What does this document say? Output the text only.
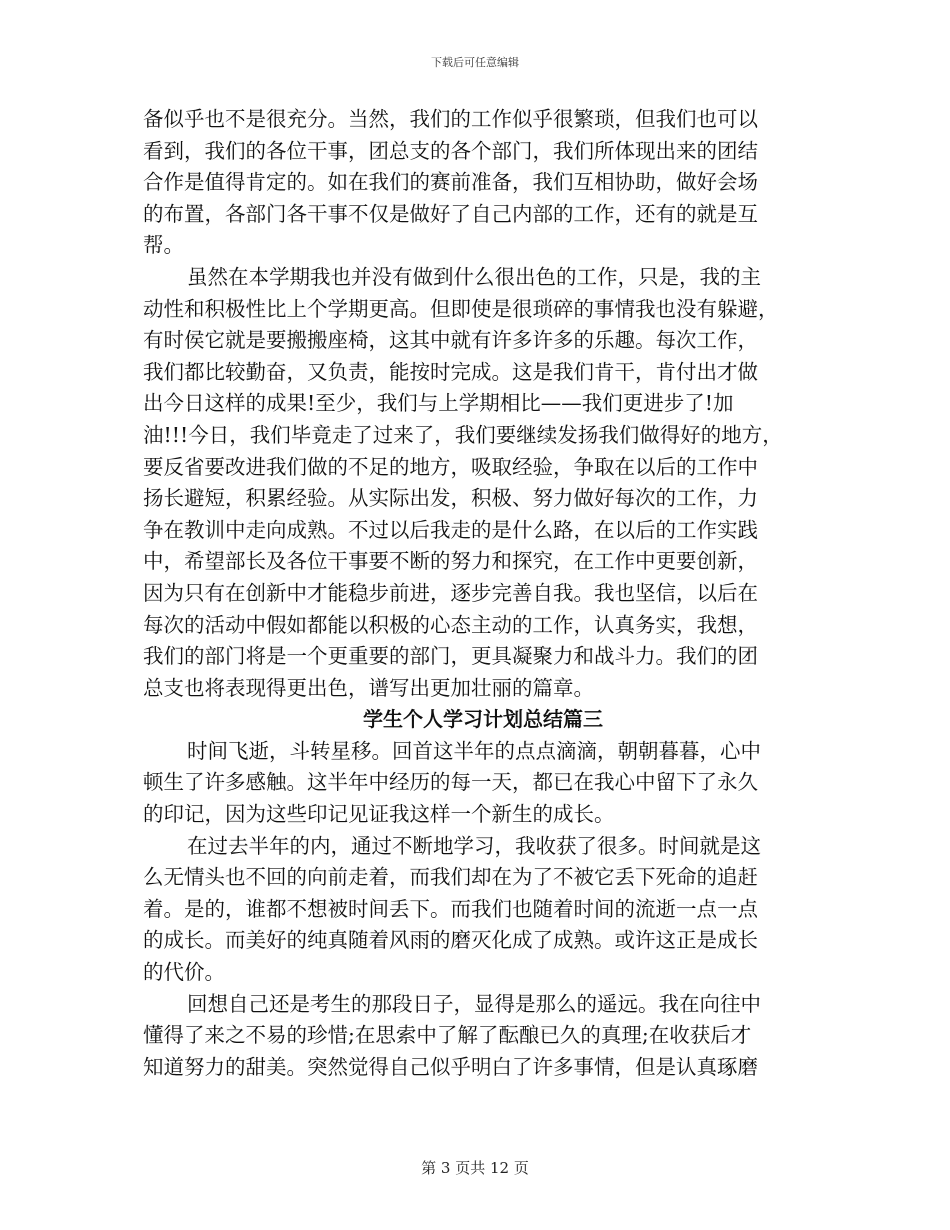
下载后可任意编辑
备似乎也不是很充分。当然，我们的工作似乎很繁琐，但我们也可以
看到，我们的各位干事，团总支的各个部门，我们所体现出来的团结
合作是值得肯定的。如在我们的赛前准备，我们互相协助，做好会场
的布置，各部门各干事不仅是做好了自己内部的工作，还有的就是互
帮。
虽然在本学期我也并没有做到什么很出色的工作，只是，我的主
动性和积极性比上个学期更高。但即使是很琐碎的事情我也没有躲避，
有时侯它就是要搬搬座椅，这其中就有许多许多的乐趣。每次工作，
我们都比较勤奋，又负责，能按时完成。这是我们肯干，肯付出才做
出今日这样的成果!至少，我们与上学期相比——我们更进步了!加
油!!!今日，我们毕竟走了过来了，我们要继续发扬我们做得好的地方，
要反省要改进我们做的不足的地方，吸取经验，争取在以后的工作中
扬长避短，积累经验。从实际出发，积极、努力做好每次的工作，力
争在教训中走向成熟。不过以后我走的是什么路，在以后的工作实践
中，希望部长及各位干事要不断的努力和探究，在工作中更要创新，
因为只有在创新中才能稳步前进，逐步完善自我。我也坚信，以后在
每次的活动中假如都能以积极的心态主动的工作，认真务实，我想，
我们的部门将是一个更重要的部门，更具凝聚力和战斗力。我们的团
总支也将表现得更出色，谱写出更加壮丽的篇章。
学生个人学习计划总结篇三
时间飞逝，斗转星移。回首这半年的点点滴滴，朝朝暮暮，心中
顿生了许多感触。这半年中经历的每一天，都已在我心中留下了永久
的印记，因为这些印记见证我这样一个新生的成长。
在过去半年的内，通过不断地学习，我收获了很多。时间就是这
么无情头也不回的向前走着，而我们却在为了不被它丢下死命的追赶
着。是的，谁都不想被时间丢下。而我们也随着时间的流逝一点一点
的成长。而美好的纯真随着风雨的磨灭化成了成熟。或许这正是成长
的代价。
回想自己还是考生的那段日子，显得是那么的遥远。我在向往中
懂得了来之不易的珍惜;在思索中了解了酝酿已久的真理;在收获后才
知道努力的甜美。突然觉得自己似乎明白了许多事情，但是认真琢磨
第 3 页共 12 页
